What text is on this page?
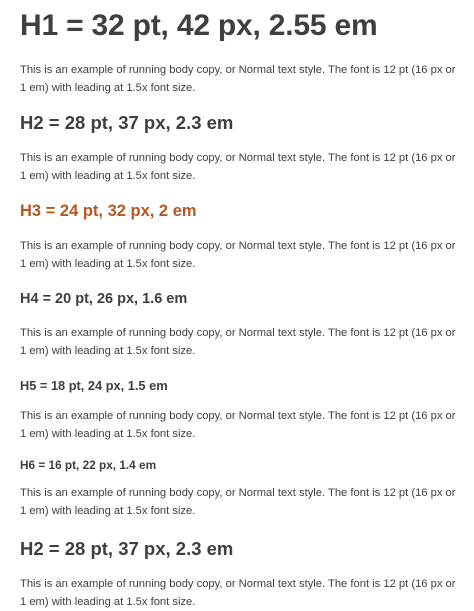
H1 = 32 pt, 42 px, 2.55 em

This is an example of running body copy, or Normal text style. The font is 12 pt (16 px or 1 em) with leading at 1.5x font size.

H2 = 28 pt, 37 px, 2.3 em

This is an example of running body copy, or Normal text style. The font is 12 pt (16 px or 1 em) with leading at 1.5x font size.

H3 = 24 pt, 32 px, 2 em

This is an example of running body copy, or Normal text style. The font is 12 pt (16 px or 1 em) with leading at 1.5x font size.

H4 = 20 pt, 26 px, 1.6 em

This is an example of running body copy, or Normal text style. The font is 12 pt (16 px or 1 em) with leading at 1.5x font size.

H5 = 18 pt, 24 px, 1.5 em

This is an example of running body copy, or Normal text style. The font is 12 pt (16 px or 1 em) with leading at 1.5x font size.

H6 = 16 pt, 22 px, 1.4 em

This is an example of running body copy, or Normal text style. The font is 12 pt (16 px or 1 em) with leading at 1.5x font size.

H2 = 28 pt, 37 px, 2.3 em

This is an example of running body copy, or Normal text style. The font is 12 pt (16 px or 1 em) with leading at 1.5x font size.
